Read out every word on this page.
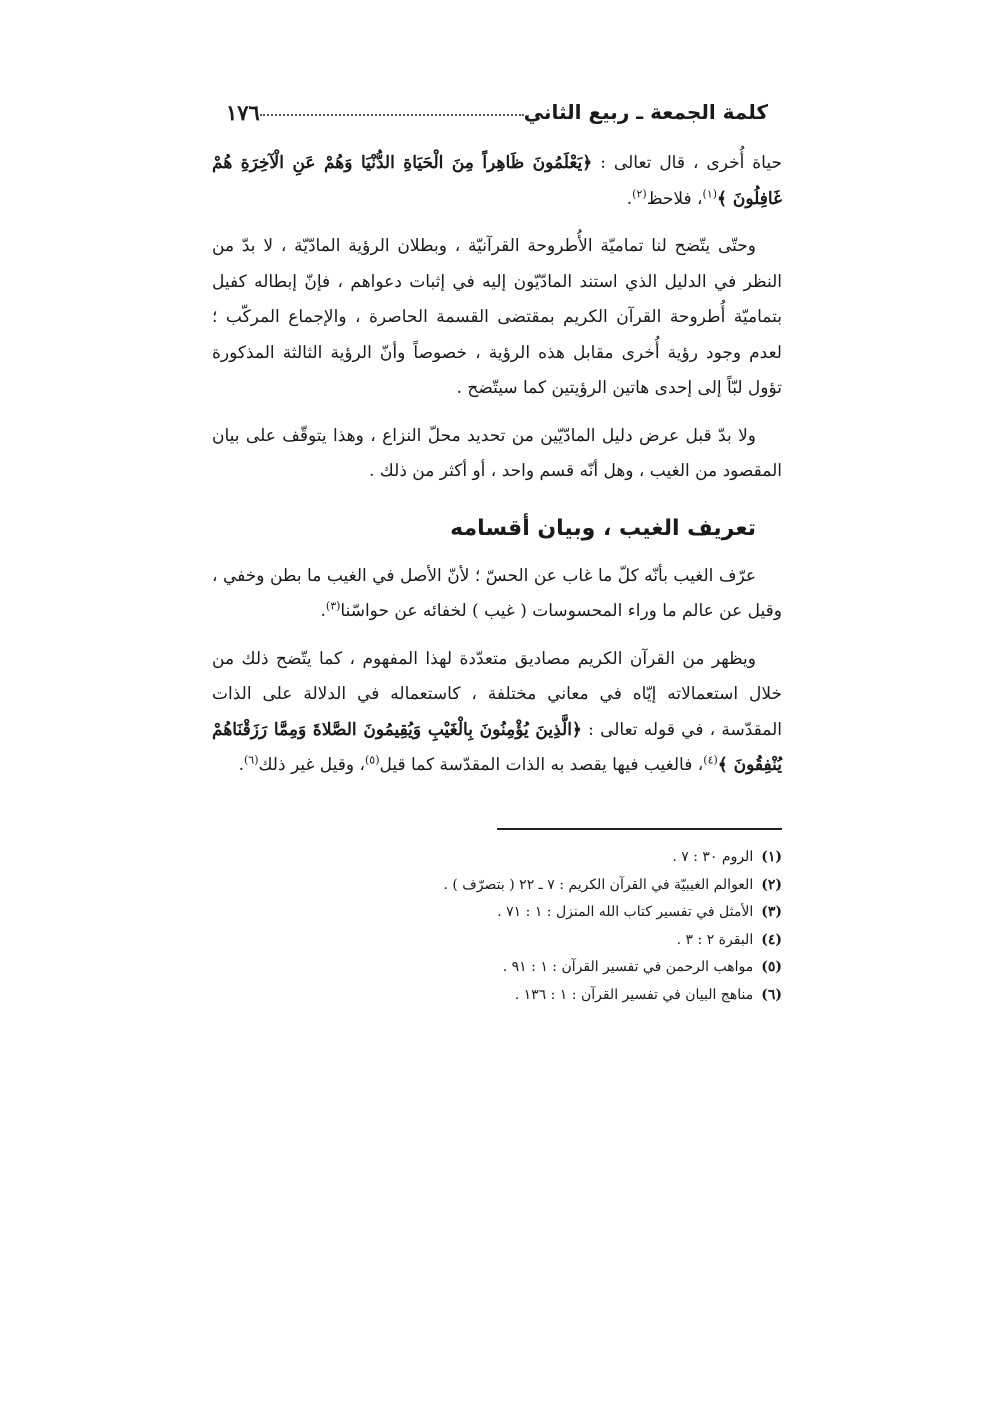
كلمة الجمعة ـ ربيع الثاني
١٧٦

حياة أُخرى ، قال تعالى : ﴿يَعْلَمُونَ ظَاهِراً مِنَ الْحَيَاةِ الدُّنْيَا وَهُمْ عَنِ الْآخِرَةِ هُمْ غَافِلُونَ ﴾$^{(١)}$، فلاحظ$^{(٢)}$.

وحتّى يتّضح لنا تماميّة الأُطروحة القرآنيّة ، وبطلان الرؤية المادّيّة ، لا بدّ من النظر في الدليل الذي استند المادّيّون إليه في إثبات دعواهم ، فإنّ إبطاله كفيل بتماميّة أُطروحة القرآن الكريم بمقتضى القسمة الحاصرة ، والإجماع المركّب ؛ لعدم وجود رؤية أُخرى مقابل هذه الرؤية ، خصوصاً وأنّ الرؤية الثالثة المذكورة تؤول لبّاً إلى إحدى هاتين الرؤيتين كما سيتّضح .

ولا بدّ قبل عرض دليل المادّيّين من تحديد محلّ النزاع ، وهذا يتوقّف على بيان المقصود من الغيب ، وهل أنّه قسم واحد ، أو أكثر من ذلك .

تعريف الغيب ، وبيان أقسامه

عرّف الغيب بأنّه كلّ ما غاب عن الحسّ ؛ لأنّ الأصل في الغيب ما بطن وخفي ، وقيل عن عالم ما وراء المحسوسات ( غيب ) لخفائه عن حواسّنا$^{(٣)}$.

ويظهر من القرآن الكريم مصاديق متعدّدة لهذا المفهوم ، كما يتّضح ذلك من خلال استعمالاته إيّاه في معاني مختلفة ، كاستعماله في الدلالة على الذات المقدّسة ، في قوله تعالى : ﴿الَّذِينَ يُؤْمِنُونَ بِالْغَيْبِ وَيُقِيمُونَ الصَّلاةَ وَمِمَّا رَزَقْنَاهُمْ يُنْفِقُونَ ﴾$^{(٤)}$، فالغيب فيها يقصد به الذات المقدّسة كما قيل$^{(٥)}$، وقيل غير ذلك$^{(٦)}$.

(١)الروم ٣٠ : ٧ .
(٢)العوالم الغيبيّة في القرآن الكريم : ٧ ـ ٢٢ ( بتصرّف ) .
(٣)الأمثل في تفسير كتاب الله المنزل : ١ : ٧١ .
(٤)البقرة ٢ : ٣ .
(٥)مواهب الرحمن في تفسير القرآن : ١ : ٩١ .
(٦)مناهج البيان في تفسير القرآن : ١ : ١٣٦ .
